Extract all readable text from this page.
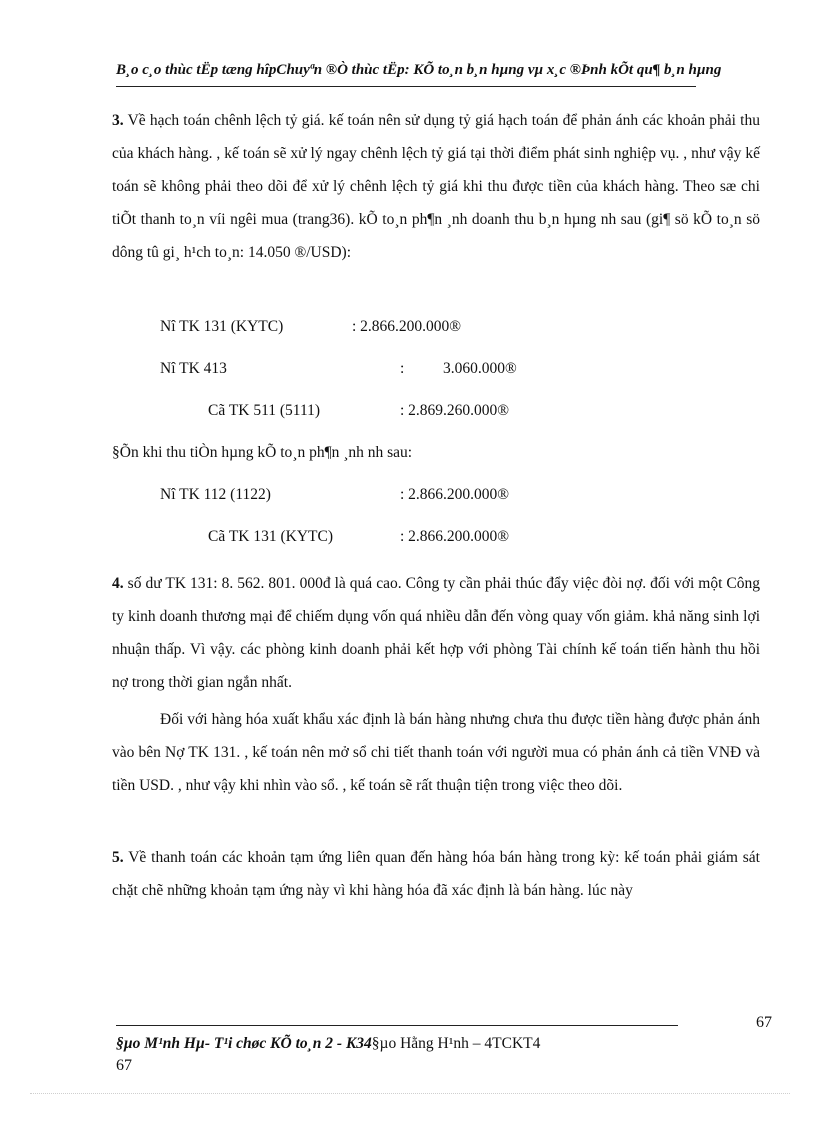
B¸o c¸o thùc tËp tæng hîpChuyªn ®Ò thùc tËp: KÕ to¸n b¸n hµng vµ x¸c ®Þnh kÕt qu¶ b¸n hµng

3. Về hạch toán chênh lệch tỷ giá. kế toán nên sử dụng tỷ giá hạch toán để phản ánh các khoản phải thu của khách hàng. , kế toán sẽ xử lý ngay chênh lệch tỷ giá tại thời điểm phát sinh nghiệp vụ. , như vậy kế toán sẽ không phải theo dõi để xử lý chênh lệch tỷ giá khi thu được tiền của khách hàng. Theo sæ chi tiÕt thanh to¸n víi ngêi mua (trang36). kÕ to¸n ph¶n ¸nh doanh thu b¸n hµng nh sau (gi¶ sö kÕ to¸n sö dông tû gi¸ h¹ch to¸n: 14.050 ®/USD):

Nî TK 131 (KYTC)	: 2.866.200.000®
Nî TK 413	:          3.060.000®
Cã TK 511 (5111)	: 2.869.260.000®
§Õn khi thu tiÒn hµng kÕ to¸n ph¶n ¸nh nh sau:
Nî TK 112 (1122)	: 2.866.200.000®
Cã TK 131 (KYTC)	: 2.866.200.000®

4. số dư TK 131: 8. 562. 801. 000đ là quá cao. Công ty cần phải thúc đẩy việc đòi nợ. đối với một Công ty kinh doanh thương mại để chiếm dụng vốn quá nhiều dẫn đến vòng quay vốn giảm. khả năng sinh lợi nhuận thấp. Vì vậy. các phòng kinh doanh phải kết hợp với phòng Tài chính kế toán tiến hành thu hồi nợ trong thời gian ngắn nhất.

Đối với hàng hóa xuất khẩu xác định là bán hàng nhưng chưa thu được tiền hàng được phản ánh vào bên Nợ TK 131. , kế toán nên mở sổ chi tiết thanh toán với người mua có phản ánh cả tiền VNĐ và tiền USD. , như vậy khi nhìn vào sổ. , kế toán sẽ rất thuận tiện trong việc theo dõi.

5. Về thanh toán các khoản tạm ứng liên quan đến hàng hóa bán hàng trong kỳ: kế toán phải giám sát chặt chẽ những khoản tạm ứng này vì khi hàng hóa đã xác định là bán hàng. lúc này

67
§µo M¹nh Hµ- T¹i chøc KÕ to¸n 2 - K34§µo Hằng H¹nh – 4TCKT4
67
